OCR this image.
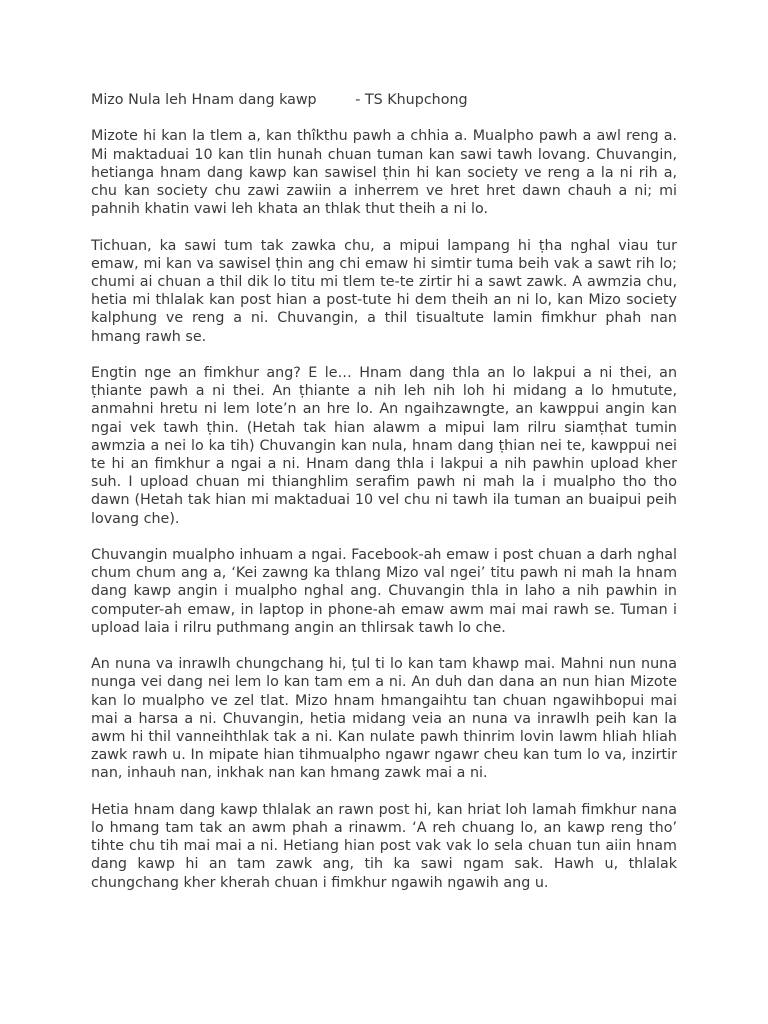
Mizo Nula leh Hnam dang kawp	- TS Khupchong

Mizote hi kan la tlem a, kan thîkthu pawh a chhia a. Mualpho pawh a awl reng a. Mi maktaduai 10 kan tlin hunah chuan tuman kan sawi tawh lovang. Chuvangin, hetianga hnam dang kawp kan sawisel ṭhin hi kan society ve reng a la ni rih a, chu kan society chu zawi zawiin a inherrem ve hret hret dawn chauh a ni; mi pahnih khatin vawi leh khata an thlak thut theih a ni lo.

Tichuan, ka sawi tum tak zawka chu, a mipui lampang hi ṭha nghal viau tur emaw, mi kan va sawisel ṭhin ang chi emaw hi simtir tuma beih vak a sawt rih lo; chumi ai chuan a thil dik lo titu mi tlem te-te zirtir hi a sawt zawk. A awmzia chu, hetia mi thlalak kan post hian a post-tute hi dem theih an ni lo, kan Mizo society kalphung ve reng a ni. Chuvangin, a thil tisualtute lamin fimkhur phah nan hmang rawh se.

Engtin nge an fimkhur ang? E le… Hnam dang thla an lo lakpui a ni thei, an ṭhiante pawh a ni thei. An ṭhiante a nih leh nih loh hi midang a lo hmutute, anmahni hretu ni lem lote’n an hre lo. An ngaihzawngte, an kawppui angin kan ngai vek tawh ṭhin. (Hetah tak hian alawm a mipui lam rilru siamṭhat tumin awmzia a nei lo ka tih) Chuvangin kan nula, hnam dang ṭhian nei te, kawppui nei te hi an fimkhur a ngai a ni. Hnam dang thla i lakpui a nih pawhin upload kher suh. I upload chuan mi thianghlim serafim pawh ni mah la i mualpho tho tho dawn (Hetah tak hian mi maktaduai 10 vel chu ni tawh ila tuman an buaipui peih lovang che).

Chuvangin mualpho inhuam a ngai. Facebook-ah emaw i post chuan a darh nghal chum chum ang a, ‘Kei zawng ka thlang Mizo val ngei’ titu pawh ni mah la hnam dang kawp angin i mualpho nghal ang. Chuvangin thla in laho a nih pawhin in computer-ah emaw, in laptop in phone-ah emaw awm mai mai rawh se. Tuman i upload laia i rilru puthmang angin an thlirsak tawh lo che.

An nuna va inrawlh chungchang hi, ṭul ti lo kan tam khawp mai. Mahni nun nuna nunga vei dang nei lem lo kan tam em a ni. An duh dan dana an nun hian Mizote kan lo mualpho ve zel tlat. Mizo hnam hmangaihtu tan chuan ngawihbopui mai mai a harsa a ni. Chuvangin, hetia midang veia an nuna va inrawlh peih kan la awm hi thil vanneihthlak tak a ni. Kan nulate pawh thinrim lovin lawm hliah hliah zawk rawh u. In mipate hian tihmualpho ngawr ngawr cheu kan tum lo va, inzirtir nan, inhauh nan, inkhak nan kan hmang zawk mai a ni.

Hetia hnam dang kawp thlalak an rawn post hi, kan hriat loh lamah fimkhur nana lo hmang tam tak an awm phah a rinawm. ‘A reh chuang lo, an kawp reng tho’ tihte chu tih mai mai a ni. Hetiang hian post vak vak lo sela chuan tun aiin hnam dang kawp hi an tam zawk ang, tih ka sawi ngam sak. Hawh u, thlalak chungchang kher kherah chuan i fimkhur ngawih ngawih ang u.
